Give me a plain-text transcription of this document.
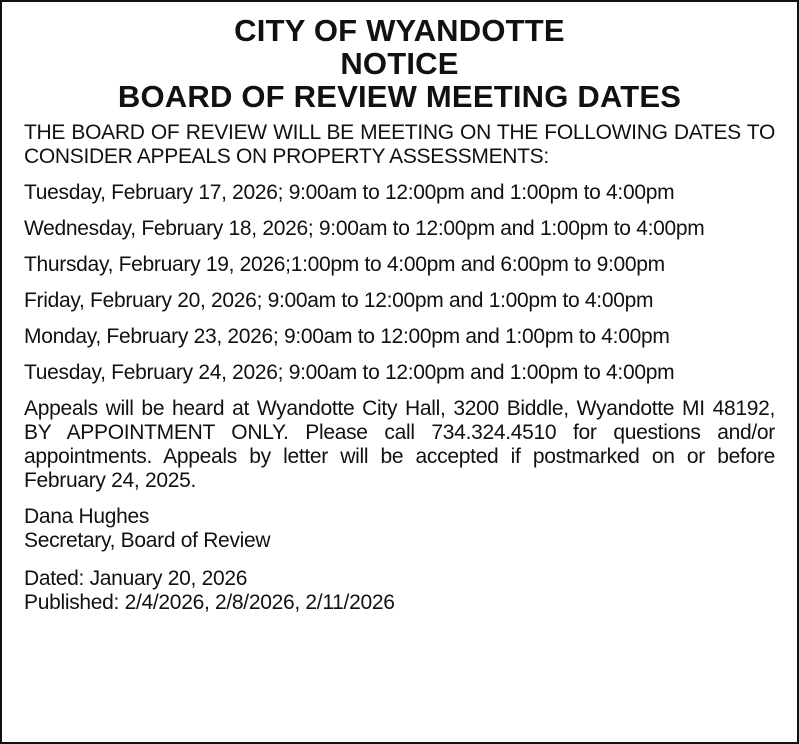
CITY OF WYANDOTTE
NOTICE
BOARD OF REVIEW MEETING DATES

THE BOARD OF REVIEW WILL BE MEETING ON THE FOLLOWING DATES TO CONSIDER APPEALS ON PROPERTY ASSESSMENTS:

Tuesday, February 17, 2026; 9:00am to 12:00pm and 1:00pm to 4:00pm

Wednesday, February 18, 2026; 9:00am to 12:00pm and 1:00pm to 4:00pm

Thursday, February 19, 2026;1:00pm to 4:00pm and 6:00pm to 9:00pm

Friday, February 20, 2026; 9:00am to 12:00pm and 1:00pm to 4:00pm

Monday, February 23, 2026; 9:00am to 12:00pm and 1:00pm to 4:00pm

Tuesday, February 24, 2026; 9:00am to 12:00pm and 1:00pm to 4:00pm

Appeals will be heard at Wyandotte City Hall, 3200 Biddle, Wyandotte MI 48192, BY APPOINTMENT ONLY. Please call 734.324.4510 for questions and/or appointments. Appeals by letter will be accepted if postmarked on or before February 24, 2025.

Dana Hughes
Secretary, Board of Review
Dated: January 20, 2026
Published: 2/4/2026, 2/8/2026, 2/11/2026
